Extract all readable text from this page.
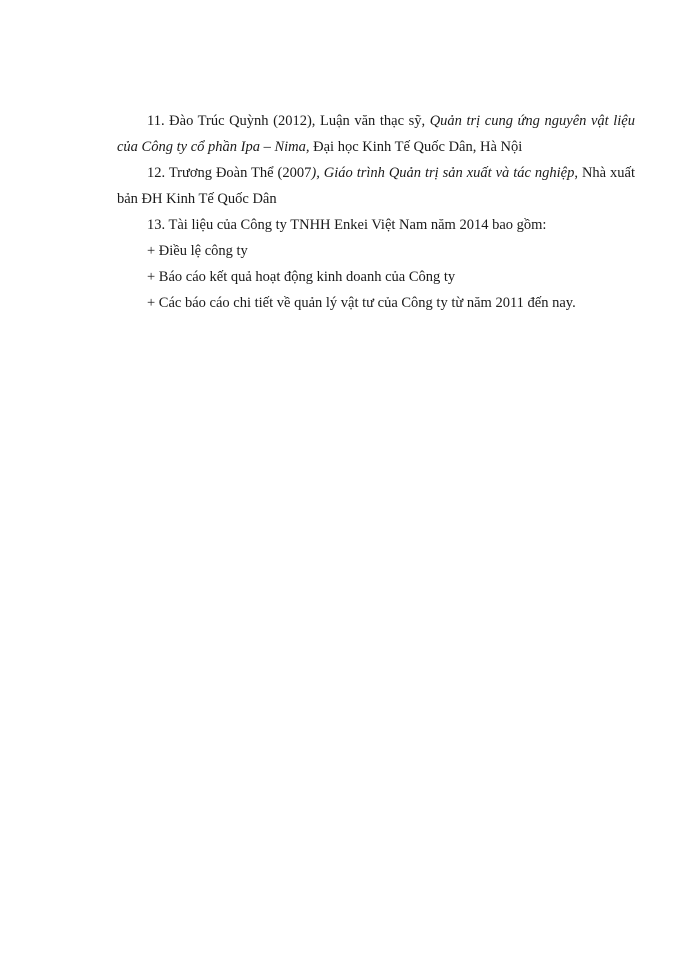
11. Đào Trúc Quỳnh (2012), Luận văn thạc sỹ, Quản trị cung ứng nguyên vật liệu của Công ty cổ phần Ipa – Nima, Đại học Kinh Tế Quốc Dân, Hà Nội

12. Trương Đoàn Thể (2007), Giáo trình Quản trị sản xuất và tác nghiệp, Nhà xuất bản ĐH Kinh Tế Quốc Dân

13. Tài liệu của Công ty TNHH Enkei Việt Nam năm 2014 bao gồm:

+ Điều lệ công ty

+ Báo cáo kết quả hoạt động kinh doanh của Công ty

+ Các báo cáo chi tiết về quản lý vật tư của Công ty từ năm 2011 đến nay.
